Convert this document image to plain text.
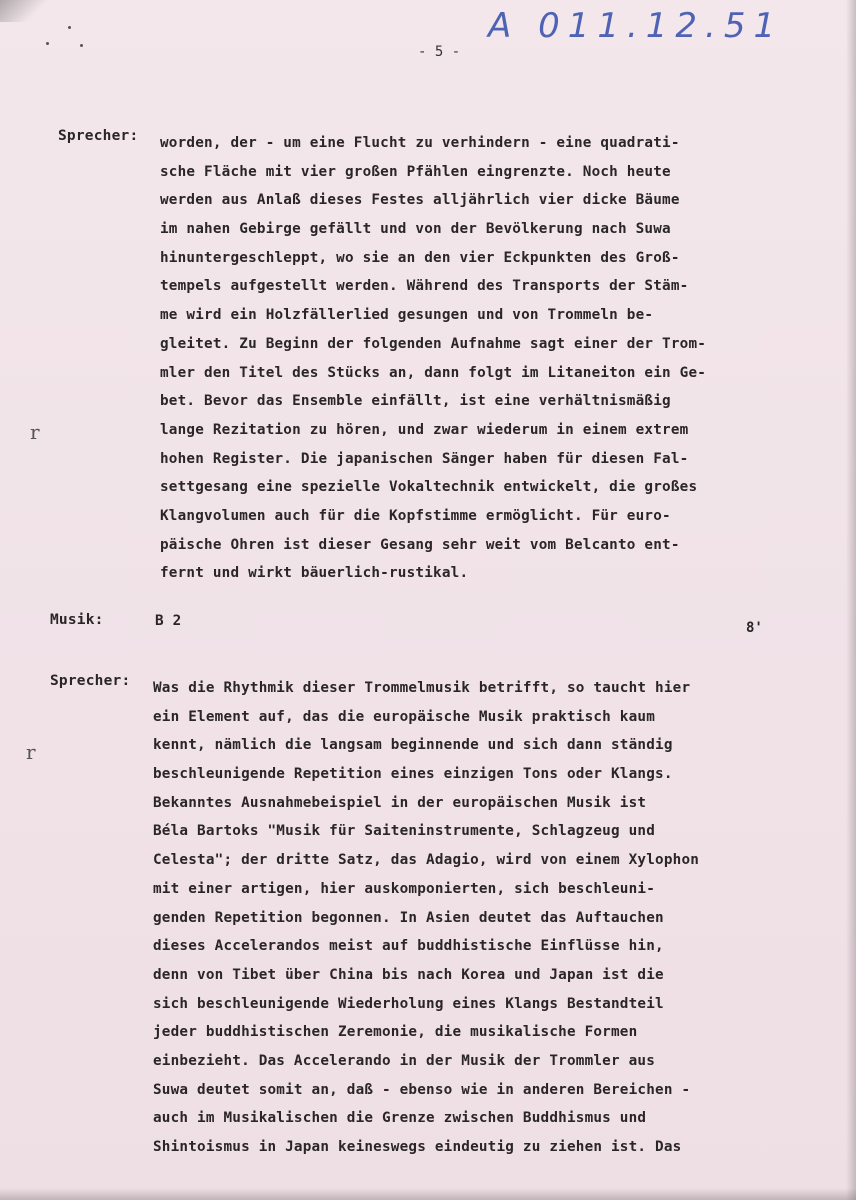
A 011.12.51
- 5 -
Sprecher: worden, der - um eine Flucht zu verhindern - eine quadrati-
sche Fläche mit vier großen Pfählen eingrenzte. Noch heute
werden aus Anlaß dieses Festes alljährlich vier dicke Bäume
im nahen Gebirge gefällt und von der Bevölkerung nach Suwa
hinuntergeschleppt, wo sie an den vier Eckpunkten des Groß-
tempels aufgestellt werden. Während des Transports der Stäm-
me wird ein Holzfällerlied gesungen und von Trommeln be-
gleitet. Zu Beginn der folgenden Aufnahme sagt einer der Trom-
mler den Titel des Stücks an, dann folgt im Litaneiton ein Ge-
bet. Bevor das Ensemble einfällt, ist eine verhältnismäßig
lange Rezitation zu hören, und zwar wiederum in einem extrem
hohen Register. Die japanischen Sänger haben für diesen Fal-
settgesang eine spezielle Vokaltechnik entwickelt, die großes
Klangvolumen auch für die Kopfstimme ermöglicht. Für euro-
päische Ohren ist dieser Gesang sehr weit vom Belcanto ent-
fernt und wirkt bäuerlich-rustikal.
r
Musik:	B 2	8'
Sprecher: Was die Rhythmik dieser Trommelmusik betrifft, so taucht hier
ein Element auf, das die europäische Musik praktisch kaum
kennt, nämlich die langsam beginnende und sich dann ständig
beschleunigende Repetition eines einzigen Tons oder Klangs.
Bekanntes Ausnahmebeispiel in der europäischen Musik ist
Béla Bartoks "Musik für Saiteninstrumente, Schlagzeug und
Celesta"; der dritte Satz, das Adagio, wird von einem Xylophon
mit einer artigen, hier auskomponierten, sich beschleuni-
genden Repetition begonnen. In Asien deutet das Auftauchen
dieses Accelerandos meist auf buddhistische Einflüsse hin,
denn von Tibet über China bis nach Korea und Japan ist die
sich beschleunigende Wiederholung eines Klangs Bestandteil
jeder buddhistischen Zeremonie, die musikalische Formen
einbezieht. Das Accelerando in der Musik der Trommler aus
Suwa deutet somit an, daß - ebenso wie in anderen Bereichen -
auch im Musikalischen die Grenze zwischen Buddhismus und
Shintoismus in Japan keineswegs eindeutig zu ziehen ist. Das
r
